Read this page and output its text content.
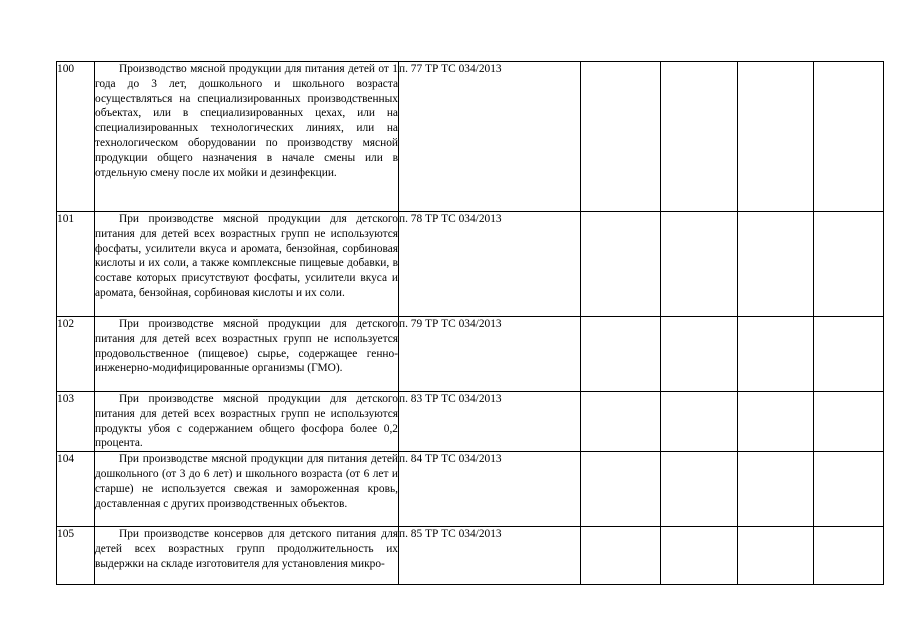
100	Производство мясной продукции для питания детей от 1 года до 3 лет, дошкольного и школьного возраста осуществляться на специализированных производственных объектах, или в специализированных цехах, или на специализированных технологических линиях, или на технологическом оборудовании по производству мясной продукции общего назначения в начале смены или в отдельную смену после их мойки и дезинфекции.	п. 77 ТР ТС 034/2013				
101	При производстве мясной продукции для детского питания для детей всех возрастных групп не используются фосфаты, усилители вкуса и аромата, бензойная, сорбиновая кислоты и их соли, а также комплексные пищевые добавки, в составе которых присутствуют фосфаты, усилители вкуса и аромата, бензойная, сорбиновая кислоты и их соли.	п. 78 ТР ТС 034/2013				
102	При производстве мясной продукции для детского питания для детей всех возрастных групп не используется продовольственное (пищевое) сырье, содержащее генно-инженерно-модифицированные организмы (ГМО).	п. 79 ТР ТС 034/2013				
103	При производстве мясной продукции для детского питания для детей всех возрастных групп не используются продукты убоя с содержанием общего фосфора более 0,2 процента.	п. 83 ТР ТС 034/2013				
104	При производстве мясной продукции для питания детей дошкольного (от 3 до 6 лет) и школьного возраста (от 6 лет и старше) не используется свежая и замороженная кровь, доставленная с других производственных объектов.	п. 84 ТР ТС 034/2013				
105	При производстве консервов для детского питания для детей всех возрастных групп продолжительность их выдержки на складе изготовителя для установления микро-	п. 85 ТР ТС 034/2013				
